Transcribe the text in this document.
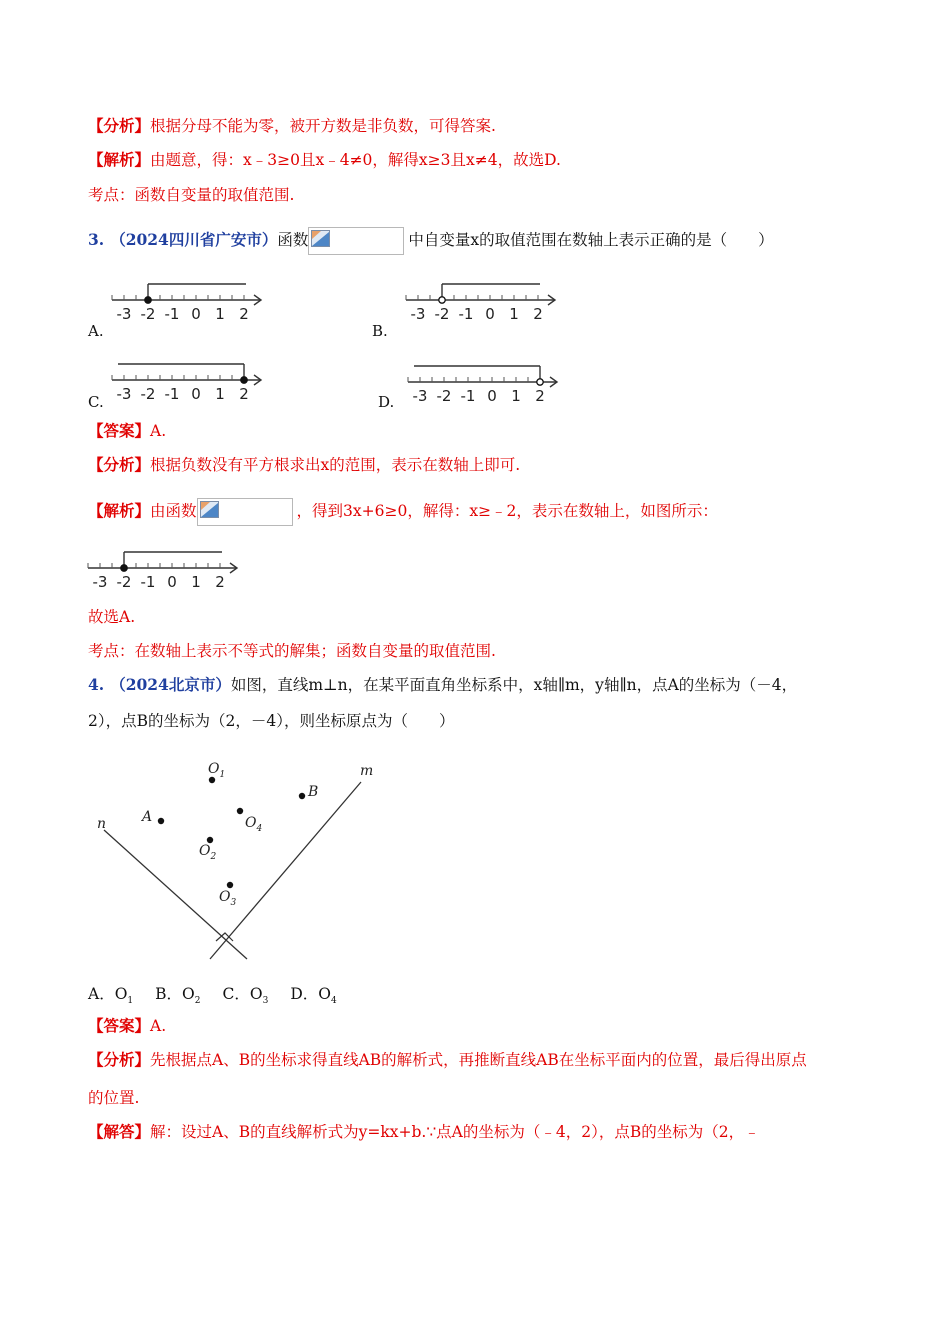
【分析】根据分母不能为零，被开方数是非负数，可得答案.
【解析】由题意，得：x﹣3≥0且x﹣4≠0，解得x≥3且x≠4，故选D.
考点：函数自变量的取值范围.
3. （2024四川省广安市）函数	中自变量x的取值范围在数轴上表示正确的是（　　）
A.
-3 -2 -1 0 1 2
B.
-3 -2 -1 0 1 2
C. -3 -2 -1 0 1 2	D. -3 -2 -1 0 1 2
【答案】A.
【分析】根据负数没有平方根求出x的范围，表示在数轴上即可.
【解析】由函数	，得到3x+6≥0，解得：x≥﹣2，表示在数轴上，如图所示：
-3 -2 -1 0 1 2
故选A.
考点：在数轴上表示不等式的解集；函数自变量的取值范围.
4. （2024北京市）如图，直线m⊥n，在某平面直角坐标系中，x轴∥m，y轴∥n，点A的坐标为（－4，
2），点B的坐标为（2，－4），则坐标原点为（　　）
n
m
A
B
$O_1$
$O_4$
$O_2$
$O_3$
A．$O_1$ B．$O_2$ C．$O_3$ D．$O_4$
【答案】A.
【分析】先根据点A、B的坐标求得直线AB的解析式，再推断直线AB在坐标平面内的位置，最后得出原点
的位置.
【解答】解：设过A、B的直线解析式为y=kx+b.∵点A的坐标为（﹣4，2），点B的坐标为（2，﹣
